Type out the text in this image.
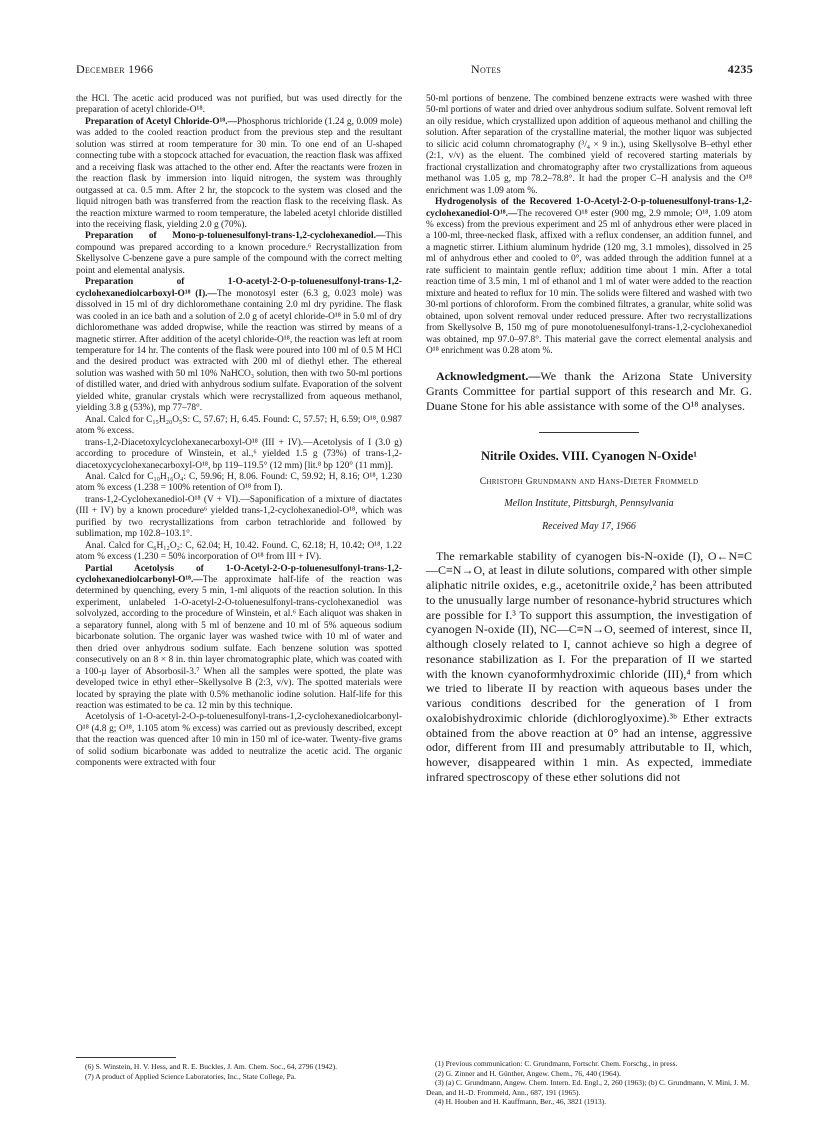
December 1966	Notes	4235

the HCl. The acetic acid produced was not purified, but was used directly for the preparation of acetyl chloride-O¹⁸.

Preparation of Acetyl Chloride-O¹⁸.—Phosphorus trichloride (1.24 g, 0.009 mole) was added to the cooled reaction product from the previous step and the resultant solution was stirred at room temperature for 30 min. To one end of an U-shaped connecting tube with a stopcock attached for evacuation, the reaction flask was affixed and a receiving flask was attached to the other end. After the reactants were frozen in the reaction flask by immersion into liquid nitrogen, the system was throughly outgassed at ca. 0.5 mm. After 2 hr, the stopcock to the system was closed and the liquid nitrogen bath was transferred from the reaction flask to the receiving flask. As the reaction mixture warmed to room temperature, the labeled acetyl chloride distilled into the receiving flask, yielding 2.0 g (70%).

Preparation of Mono-p-toluenesulfonyl-trans-1,2-cyclohexanediol.—This compound was prepared according to a known procedure.⁶ Recrystallization from Skellysolve C-benzene gave a pure sample of the compound with the correct melting point and elemental analysis.

Preparation of 1-O-acetyl-2-O-p-toluenesulfonyl-trans-1,2-cyclohexanediolcarboxyl-O¹⁸ (I).—The monotosyl ester (6.3 g, 0.023 mole) was dissolved in 15 ml of dry dichloromethane containing 2.0 ml dry pyridine. The flask was cooled in an ice bath and a solution of 2.0 g of acetyl chloride-O¹⁸ in 5.0 ml of dry dichloromethane was added dropwise, while the reaction was stirred by means of a magnetic stirrer. After addition of the acetyl chloride-O¹⁸, the reaction was left at room temperature for 14 hr. The contents of the flask were poured into 100 ml of 0.5 M HCl and the desired product was extracted with 200 ml of diethyl ether. The ethereal solution was washed with 50 ml 10% NaHCO₃ solution, then with two 50-ml portions of distilled water, and dried with anhydrous sodium sulfate. Evaporation of the solvent yielded white, granular crystals which were recrystallized from aqueous methanol, yielding 3.8 g (53%), mp 77–78°.

Anal. Calcd for C₁₅H₂₀O₅S: C, 57.67; H, 6.45. Found: C, 57.57; H, 6.59; O¹⁸, 0.987 atom % excess.

trans-1,2-Diacetoxylcyclohexanecarboxyl-O¹⁸ (III + IV).—Acetolysis of I (3.0 g) according to procedure of Winstein, et al.,⁶ yielded 1.5 g (73%) of trans-1,2-diacetoxycyclohexanecarboxyl-O¹⁸, bp 119–119.5° (12 mm) [lit.⁸ bp 120° (11 mm)].

Anal. Calcd for C₁₀H₁₆O₄: C, 59.96; H, 8.06. Found: C, 59.92; H, 8.16; O¹⁸, 1.230 atom % excess (1.238 = 100% retention of O¹⁸ from I).

trans-1,2-Cyclohexanediol-O¹⁸ (V + VI).—Saponification of a mixture of diactates (III + IV) by a known procedure⁶ yielded trans-1,2-cyclohexanediol-O¹⁸, which was purified by two recrystallizations from carbon tetrachloride and followed by sublimation, mp 102.8–103.1°.

Anal. Calcd for C₆H₁₂O₂: C, 62.04; H, 10.42. Found. C, 62.18; H, 10.42; O¹⁸, 1.22 atom % excess (1.230 = 50% incorporation of O¹⁸ from III + IV).

Partial Acetolysis of 1-O-Acetyl-2-O-p-toluenesulfonyl-trans-1,2-cyclohexanediolcarbonyl-O¹⁸.—The approximate half-life of the reaction was determined by quenching, every 5 min, 1-ml aliquots of the reaction solution. In this experiment, unlabeled 1-O-acetyl-2-O-toluenesulfonyl-trans-cyclohexanediol was solvolyzed, according to the procedure of Winstein, et al.⁶ Each aliquot was shaken in a separatory funnel, along with 5 ml of benzene and 10 ml of 5% aqueous sodium bicarbonate solution. The organic layer was washed twice with 10 ml of water and then dried over anhydrous sodium sulfate. Each benzene solution was spotted consecutively on an 8 × 8 in. thin layer chromatographic plate, which was coated with a 100-μ layer of Absorbosil-3.⁷ When all the samples were spotted, the plate was developed twice in ethyl ether–Skellysolve B (2:3, v/v). The spotted materials were located by spraying the plate with 0.5% methanolic iodine solution. Half-life for this reaction was estimated to be ca. 12 min by this technique.

Acetolysis of 1-O-acetyl-2-O-p-toluenesulfonyl-trans-1,2-cyclohexanediolcarbonyl-O¹⁸ (4.8 g; O¹⁸, 1.105 atom % excess) was carried out as previously described, except that the reaction was quenced after 10 min in 150 ml of ice-water. Twenty-five grams of solid sodium bicarbonate was added to neutralize the acetic acid. The organic components were extracted with four

(6) S. Winstein, H. V. Hess, and R. E. Buckles, J. Am. Chem. Soc., 64, 2796 (1942).

(7) A product of Applied Science Laboratories, Inc., State College, Pa.

50-ml portions of benzene. The combined benzene extracts were washed with three 50-ml portions of water and dried over anhydrous sodium sulfate. Solvent removal left an oily residue, which crystallized upon addition of aqueous methanol and chilling the solution. After separation of the crystalline material, the mother liquor was subjected to silicic acid column chromatography (³/₄ × 9 in.), using Skellysolve B–ethyl ether (2:1, v/v) as the eluent. The combined yield of recovered starting materials by fractional crystallization and chromatography after two crystallizations from aqueous methanol was 1.05 g, mp 78.2–78.8°. It had the proper C–H analysis and the O¹⁸ enrichment was 1.09 atom %.

Hydrogenolysis of the Recovered 1-O-Acetyl-2-O-p-toluenesulfonyl-trans-1,2-cyclohexanediol-O¹⁸.—The recovered O¹⁸ ester (900 mg, 2.9 mmole; O¹⁸, 1.09 atom % excess) from the previous experiment and 25 ml of anhydrous ether were placed in a 100-ml, three-necked flask, affixed with a reflux condenser, an addition funnel, and a magnetic stirrer. Lithium aluminum hydride (120 mg, 3.1 mmoles), dissolved in 25 ml of anhydrous ether and cooled to 0°, was added through the addition funnel at a rate sufficient to maintain gentle reflux; addition time about 1 min. After a total reaction time of 3.5 min, 1 ml of ethanol and 1 ml of water were added to the reaction mixture and heated to reflux for 10 min. The solids were filtered and washed with two 30-ml portions of chloroform. From the combined filtrates, a granular, white solid was obtained, upon solvent removal under reduced pressure. After two recrystallizations from Skellysolve B, 150 mg of pure monotoluenesulfonyl-trans-1,2-cyclohexanediol was obtained, mp 97.0–97.8°. This material gave the correct elemental analysis and O¹⁸ enrichment was 0.28 atom %.

Acknowledgment.—We thank the Arizona State University Grants Committee for partial support of this research and Mr. G. Duane Stone for his able assistance with some of the O¹⁸ analyses.

Nitrile Oxides. VIII. Cyanogen N-Oxide¹

Christoph Grundmann and Hans-Dieter Frommeld

Mellon Institute, Pittsburgh, Pennsylvania

Received May 17, 1966

The remarkable stability of cyanogen bis-N-oxide (I), O←N≡C—C≡N→O, at least in dilute solutions, compared with other simple aliphatic nitrile oxides, e.g., acetonitrile oxide,² has been attributed to the unusually large number of resonance-hybrid structures which are possible for I.³ To support this assumption, the investigation of cyanogen N-oxide (II), NC—C≡N→O, seemed of interest, since II, although closely related to I, cannot achieve so high a degree of resonance stabilization as I. For the preparation of II we started with the known cyanoformhydroximic chloride (III),⁴ from which we tried to liberate II by reaction with aqueous bases under the various conditions described for the generation of I from oxalobishydroximic chloride (dichloroglyoxime).³ᵇ Ether extracts obtained from the above reaction at 0° had an intense, aggressive odor, different from III and presumably attributable to II, which, however, disappeared within 1 min. As expected, immediate infrared spectroscopy of these ether solutions did not

(1) Previous communication: C. Grundmann, Fortschr. Chem. Forschg., in press.

(2) G. Zinner and H. Günther, Angew. Chem., 76, 440 (1964).

(3) (a) C. Grundmann, Angew. Chem. Intern. Ed. Engl., 2, 260 (1963); (b) C. Grundmann, V. Mini, J. M. Dean, and H.-D. Frommeld, Ann., 687, 191 (1965).

(4) H. Houben and H. Kauffmann, Ber., 46, 3821 (1913).
